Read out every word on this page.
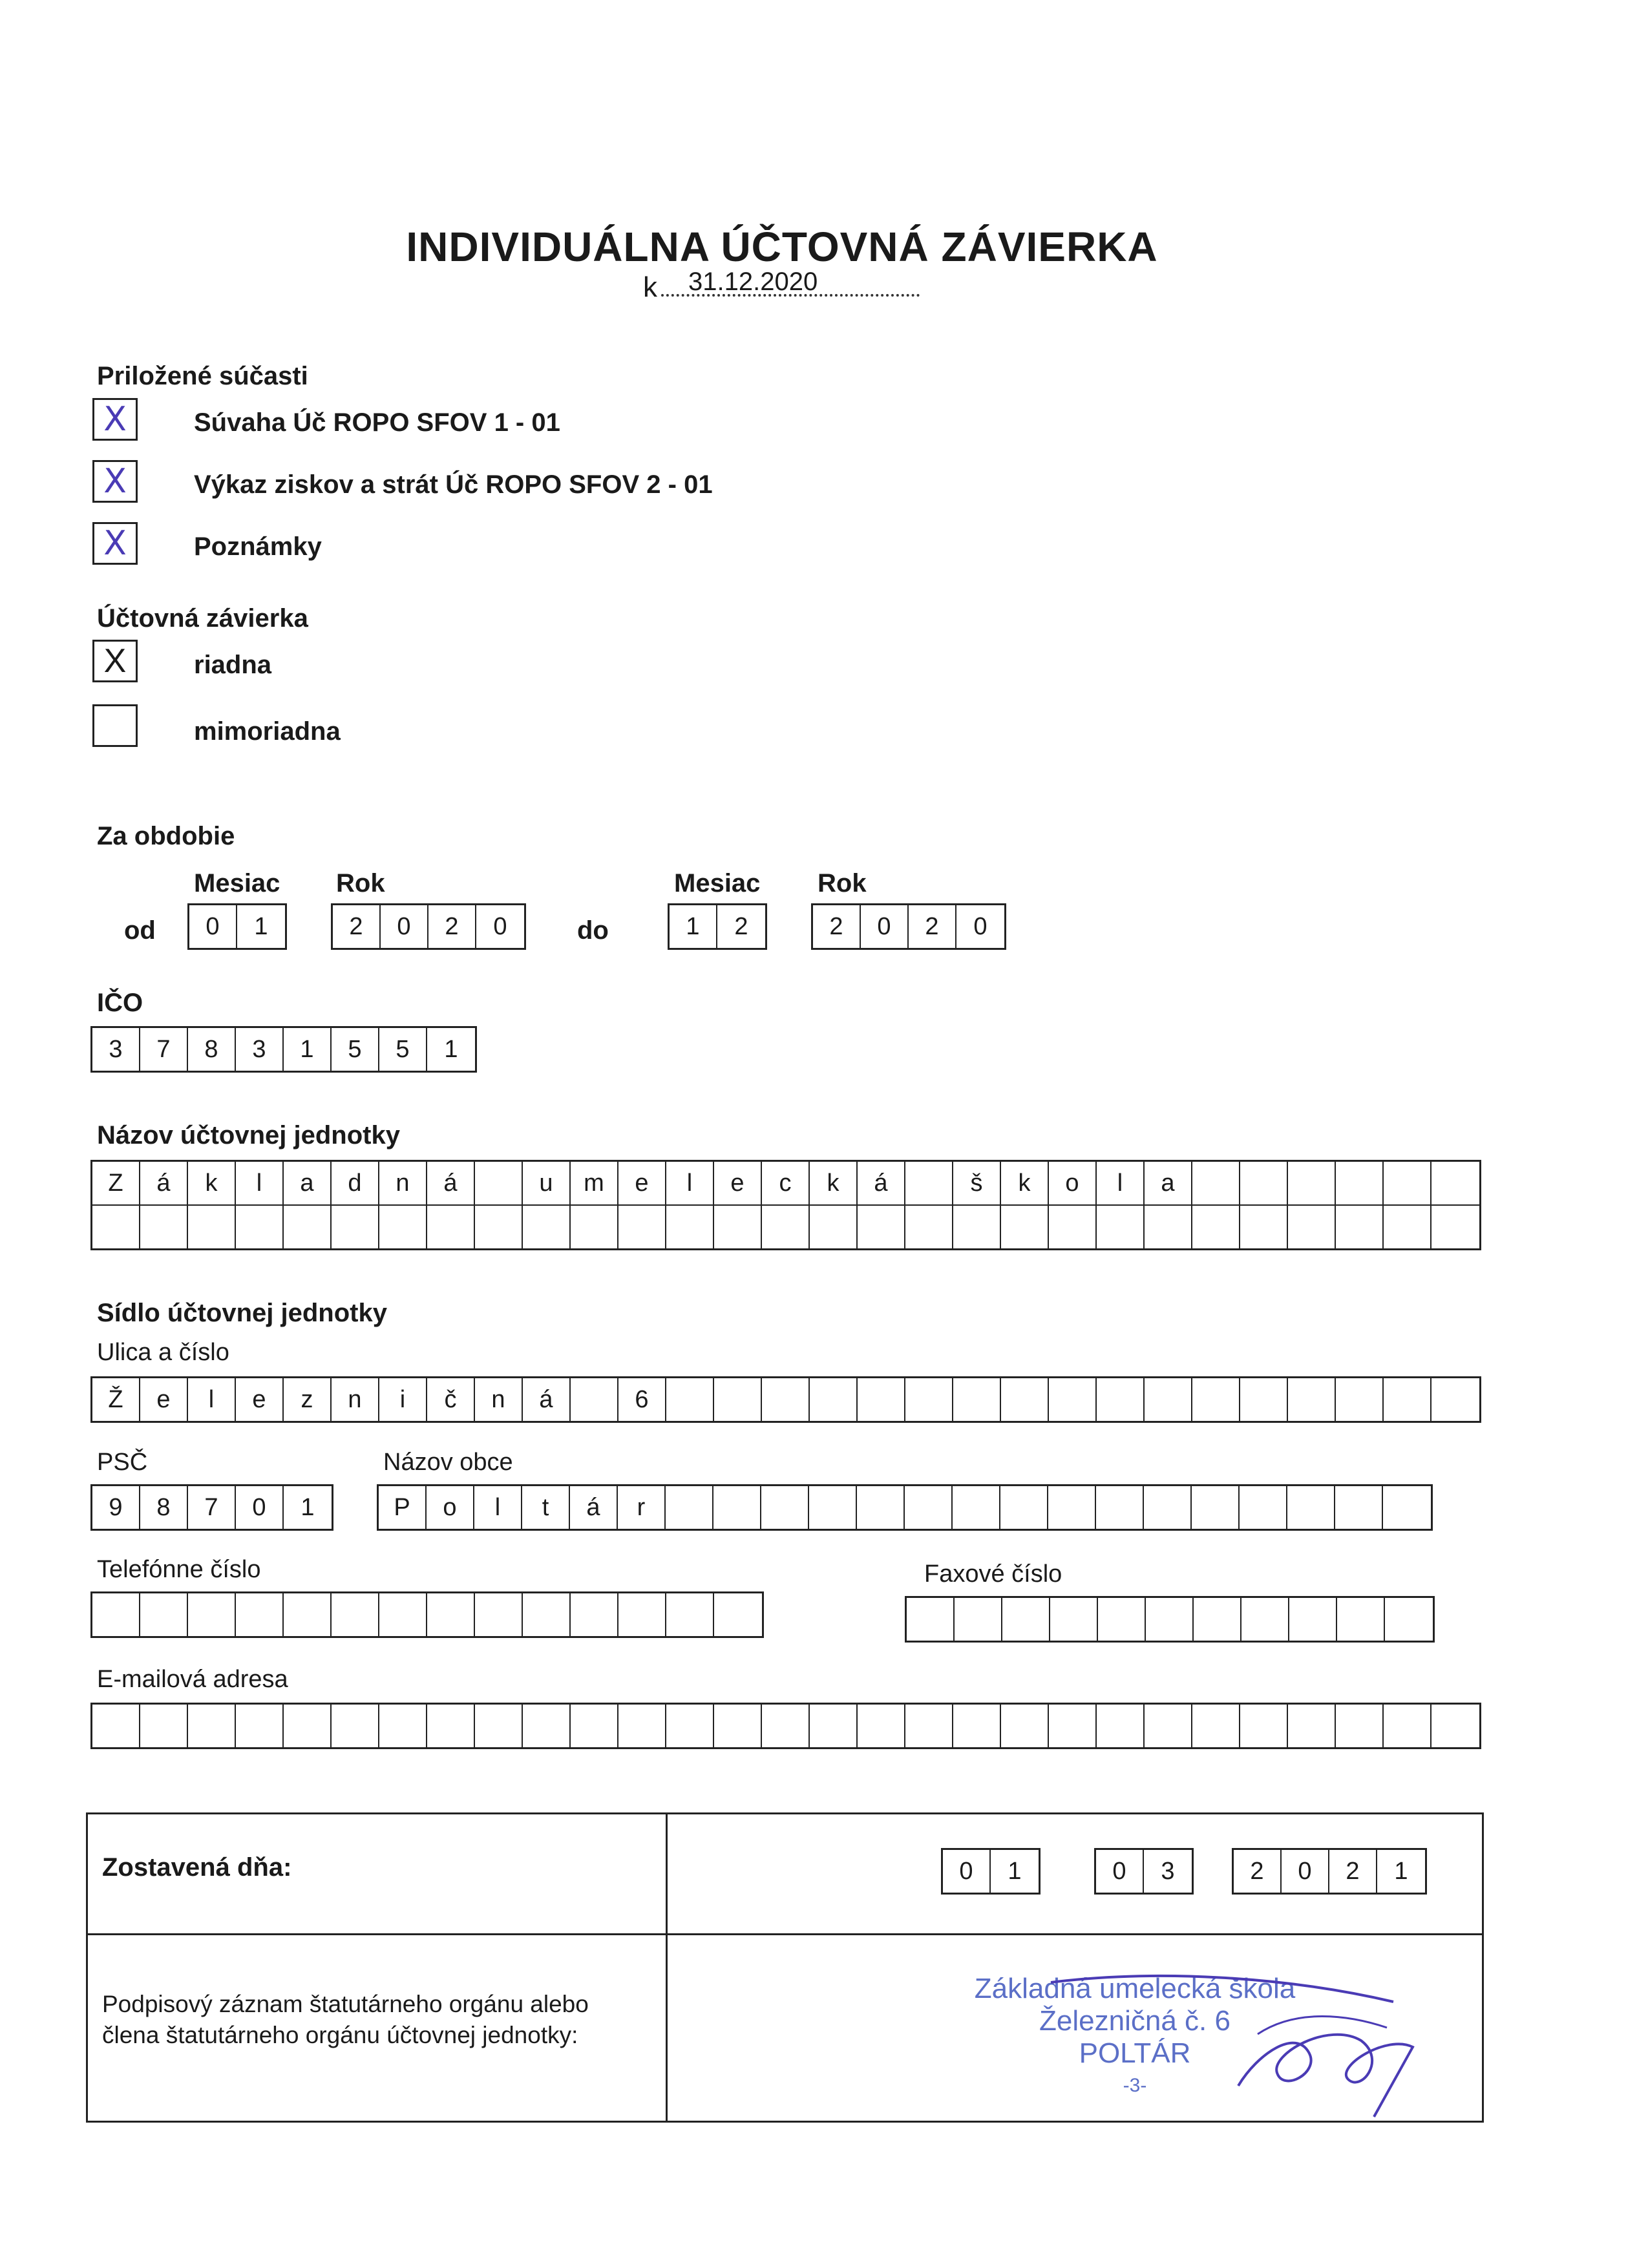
INDIVIDUÁLNA ÚČTOVNÁ ZÁVIERKA
k 31.12.2020
Priložené súčasti
X	Súvaha Úč ROPO SFOV 1 - 01
X	Výkaz ziskov a strát Úč ROPO SFOV 2 - 01
X	Poznámky
Účtovná závierka
X	riadna
mimoriadna
Za obdobie
Mesiac Rok	Mesiac Rok
od	0	1	2	0	2	0	do	1	2	2	0	2	0
IČO
3	7	8	3	1	5	5	1
Názov účtovnej jednotky
Z	á	k	l	a	d	n	á	u	m	e	l	e	c	k	á	š	k	o	l	a
Sídlo účtovnej jednotky
Ulica a číslo
Ž	e	l	e	z	n	i	č	n	á	6
PSČ
9	8	7	0	1
Názov obce
P	o	l	t	á	r
Telefónne číslo	Faxové číslo
E-mailová adresa
Zostavená dňa:	0	1	0	3	2	0	2	1
Podpisový záznam štatutárneho orgánu alebo
člena štatutárneho orgánu účtovnej jednotky:
Základná umelecká škola
Železničná č. 6
POLTÁR
-3-
